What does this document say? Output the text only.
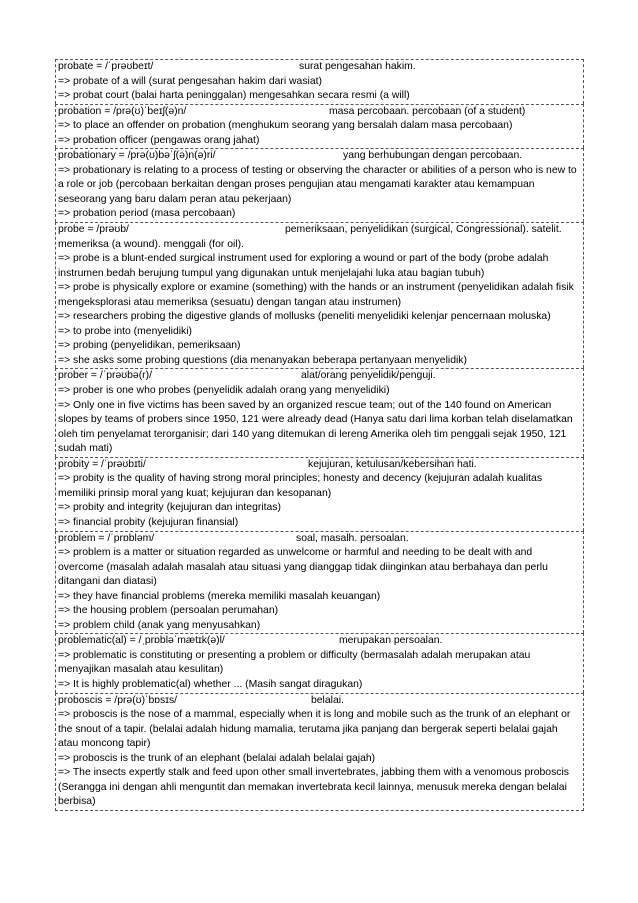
probate = /ˈprəʊbeɪt/	surat pengesahan hakim.
=> probate of a will (surat pengesahan hakim dari wasiat)
=> probat court (balai harta peninggalan) mengesahkan secara resmi (a will)
probation = /prə(ʊ)ˈbeɪʃ(ə)n/	masa percobaan. percobaan (of a student)
=> to place an offender on probation (menghukum seorang yang bersalah dalam masa percobaan)
=> probation officer (pengawas orang jahat)
probationary = /prə(ʊ)bəˈʃ(ə)n(ə)ri/	yang berhubungan dengan percobaan.
=> probationary is relating to a process of testing or observing the character or abilities of a person who is new to a role or job (percobaan berkaitan dengan proses pengujian atau mengamati karakter atau kemampuan seseorang yang baru dalam peran atau pekerjaan)
=> probation period (masa percobaan)
probe = /prəʊb/	pemeriksaan, penyelidikan (surgical, Congressional). satelit. memeriksa (a wound). menggali (for oil).
=> probe is a blunt-ended surgical instrument used for exploring a wound or part of the body (probe adalah instrumen bedah berujung tumpul yang digunakan untuk menjelajahi luka atau bagian tubuh)
=> probe is physically explore or examine (something) with the hands or an instrument (penyelidikan adalah fisik mengeksplorasi atau memeriksa (sesuatu) dengan tangan atau instrumen)
=> researchers probing the digestive glands of mollusks (peneliti menyelidiki kelenjar pencernaan moluska)
=> to probe into (menyelidiki)
=> probing (penyelidikan, pemeriksaan)
=> she asks some probing questions (dia menanyakan beberapa pertanyaan menyelidik)
prober = /ˈprəʊbə(r)/	alat/orang penyelidik/penguji.
=> prober is one who probes (penyelidik adalah orang yang menyelidiki)
=> Only one in five victims has been saved by an organized rescue team; out of the 140 found on American slopes by teams of probers since 1950, 121 were already dead (Hanya satu dari lima korban telah diselamatkan oleh tim penyelamat terorganisir; dari 140 yang ditemukan di lereng Amerika oleh tim penggali sejak 1950, 121 sudah mati)
probity = /ˈprəʊbɪti/	kejujuran, ketulusan/kebersihan hati.
=> probity is the quality of having strong moral principles; honesty and decency (kejujuran adalah kualitas memiliki prinsip moral yang kuat; kejujuran dan kesopanan)
=> probity and integrity (kejujuran dan integritas)
=> financial probity (kejujuran finansial)
problem = /ˈprɒbləm/	soal, masalh. persoalan.
=> problem is a matter or situation regarded as unwelcome or harmful and needing to be dealt with and overcome (masalah adalah masalah atau situasi yang dianggap tidak diinginkan atau berbahaya dan perlu ditangani dan diatasi)
=> they have financial problems (mereka memiliki masalah keuangan)
=> the housing problem (persoalan perumahan)
=> problem child (anak yang menyusahkan)
problematic(al) = /ˌprɒbləˈmætɪk(ə)l/	merupakan persoalan.
=> problematic is constituting or presenting a problem or difficulty (bermasalah adalah merupakan atau menyajikan masalah atau kesulitan)
=> It is highly problematic(al) whether ... (Masih sangat diragukan)
proboscis = /prə(ʊ)ˈbɒsɪs/	belalai.
=> proboscis is the nose of a mammal, especially when it is long and mobile such as the trunk of an elephant or the snout of a tapir. (belalai adalah hidung mamalia, terutama jika panjang dan bergerak seperti belalai gajah atau moncong tapir)
=> proboscis is the trunk of an elephant (belalai adalah belalai gajah)
=> The insects expertly stalk and feed upon other small invertebrates, jabbing them with a venomous proboscis (Serangga ini dengan ahli menguntit dan memakan invertebrata kecil lainnya, menusuk mereka dengan belalai berbisa)
